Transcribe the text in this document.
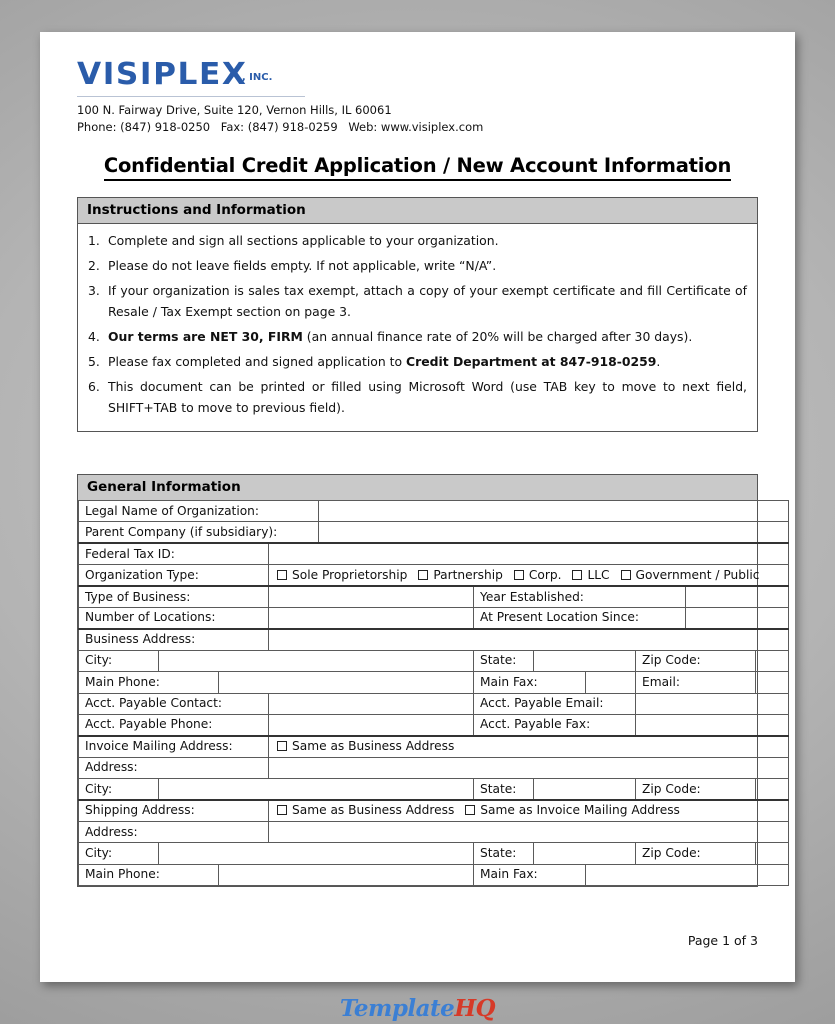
$VISIPLEX^{, INC.}$
100 N. Fairway Drive, Suite 120, Vernon Hills, IL 60061
Phone: (847) 918-0250 Fax: (847) 918-0259 Web: www.visiplex.com
Confidential Credit Application / New Account Information
Instructions and Information
1. Complete and sign all sections applicable to your organization.
2. Please do not leave fields empty. If not applicable, write “N/A”.
3. If your organization is sales tax exempt, attach a copy of your exempt certificate and fill Certificate of Resale / Tax Exempt section on page 3.
4. Our terms are NET 30, FIRM (an annual finance rate of 20% will be charged after 30 days).
5. Please fax completed and signed application to Credit Department at 847-918-0259.
6. This document can be printed or filled using Microsoft Word (use TAB key to move to next field, SHIFT+TAB to move to previous field).
General Information
Legal Name of Organization:										
Parent Company (if subsidiary):										
Federal Tax ID:										
Organization Type:			Sole Proprietorship Partnership Corp. LLC Government / Public							
Type of Business:					Year Established:					
Number of Locations:					At Present Location Since:					
Business Address:										
City:					State:			Zip Code:		
Main Phone:					Main Fax:			Email:		
Acct. Payable Contact:					Acct. Payable Email:					
Acct. Payable Phone:					Acct. Payable Fax:					
Invoice Mailing Address:			Same as Business Address							
Address:										
City:					State:			Zip Code:		
Shipping Address:			Same as Business Address Same as Invoice Mailing Address							
Address:										
City:					State:			Zip Code:		
Main Phone:					Main Fax:					
Page 1 of 3
TemplateHQ
